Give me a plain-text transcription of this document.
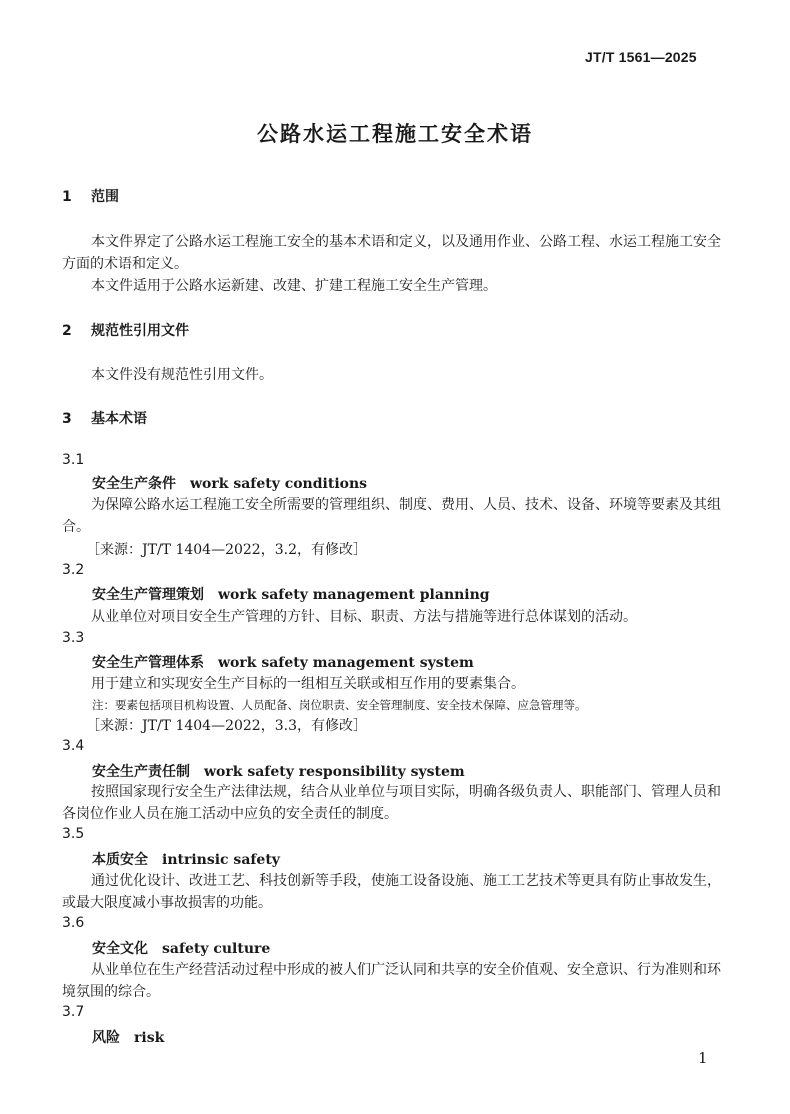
JT/T 1561—2025
公路水运工程施工安全术语
1 范围
本文件界定了公路水运工程施工安全的基本术语和定义，以及通用作业、公路工程、水运工程施工安全方面的术语和定义。
本文件适用于公路水运新建、改建、扩建工程施工安全生产管理。
2 规范性引用文件
本文件没有规范性引用文件。
3 基本术语
3.1
安全生产条件 work safety conditions
为保障公路水运工程施工安全所需要的管理组织、制度、费用、人员、技术、设备、环境等要素及其组合。
［来源：JT/T 1404—2022，3.2，有修改］
3.2
安全生产管理策划 work safety management planning
从业单位对项目安全生产管理的方针、目标、职责、方法与措施等进行总体谋划的活动。
3.3
安全生产管理体系 work safety management system
用于建立和实现安全生产目标的一组相互关联或相互作用的要素集合。
注：要素包括项目机构设置、人员配备、岗位职责、安全管理制度、安全技术保障、应急管理等。
［来源：JT/T 1404—2022，3.3，有修改］
3.4
安全生产责任制 work safety responsibility system
按照国家现行安全生产法律法规，结合从业单位与项目实际，明确各级负责人、职能部门、管理人员和各岗位作业人员在施工活动中应负的安全责任的制度。
3.5
本质安全 intrinsic safety
通过优化设计、改进工艺、科技创新等手段，使施工设备设施、施工工艺技术等更具有防止事故发生，或最大限度减小事故损害的功能。
3.6
安全文化 safety culture
从业单位在生产经营活动过程中形成的被人们广泛认同和共享的安全价值观、安全意识、行为准则和环境氛围的综合。
3.7
风险 risk
1
